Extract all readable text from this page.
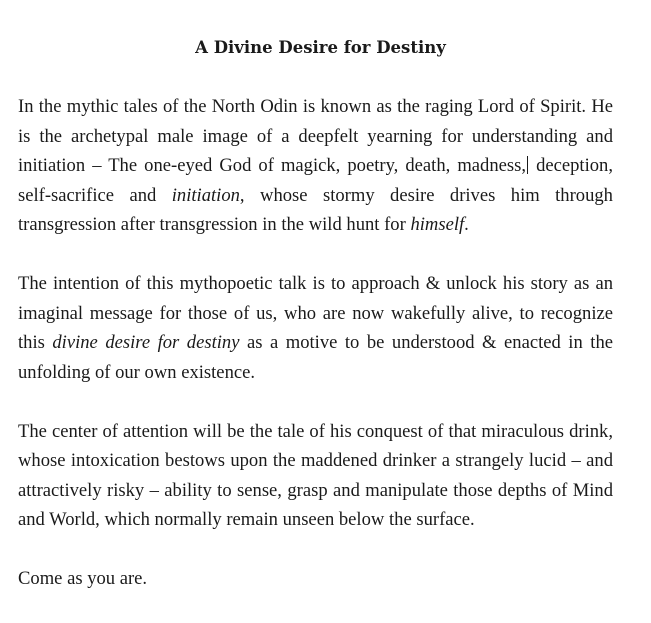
A Divine Desire for Destiny

In the mythic tales of the North Odin is known as the raging Lord of Spirit. He is the archetypal male image of a deepfelt yearning for understanding and initiation – The one-eyed God of magick, poetry, death, madness, deception, self-sacrifice and initiation, whose stormy desire drives him through transgression after transgression in the wild hunt for himself.

The intention of this mythopoetic talk is to approach & unlock his story as an imaginal message for those of us, who are now wakefully alive, to recognize this divine desire for destiny as a motive to be understood & enacted in the unfolding of our own existence.

The center of attention will be the tale of his conquest of that miraculous drink, whose intoxication bestows upon the maddened drinker a strangely lucid – and attractively risky – ability to sense, grasp and manipulate those depths of Mind and World, which normally remain unseen below the surface.

Come as you are.
